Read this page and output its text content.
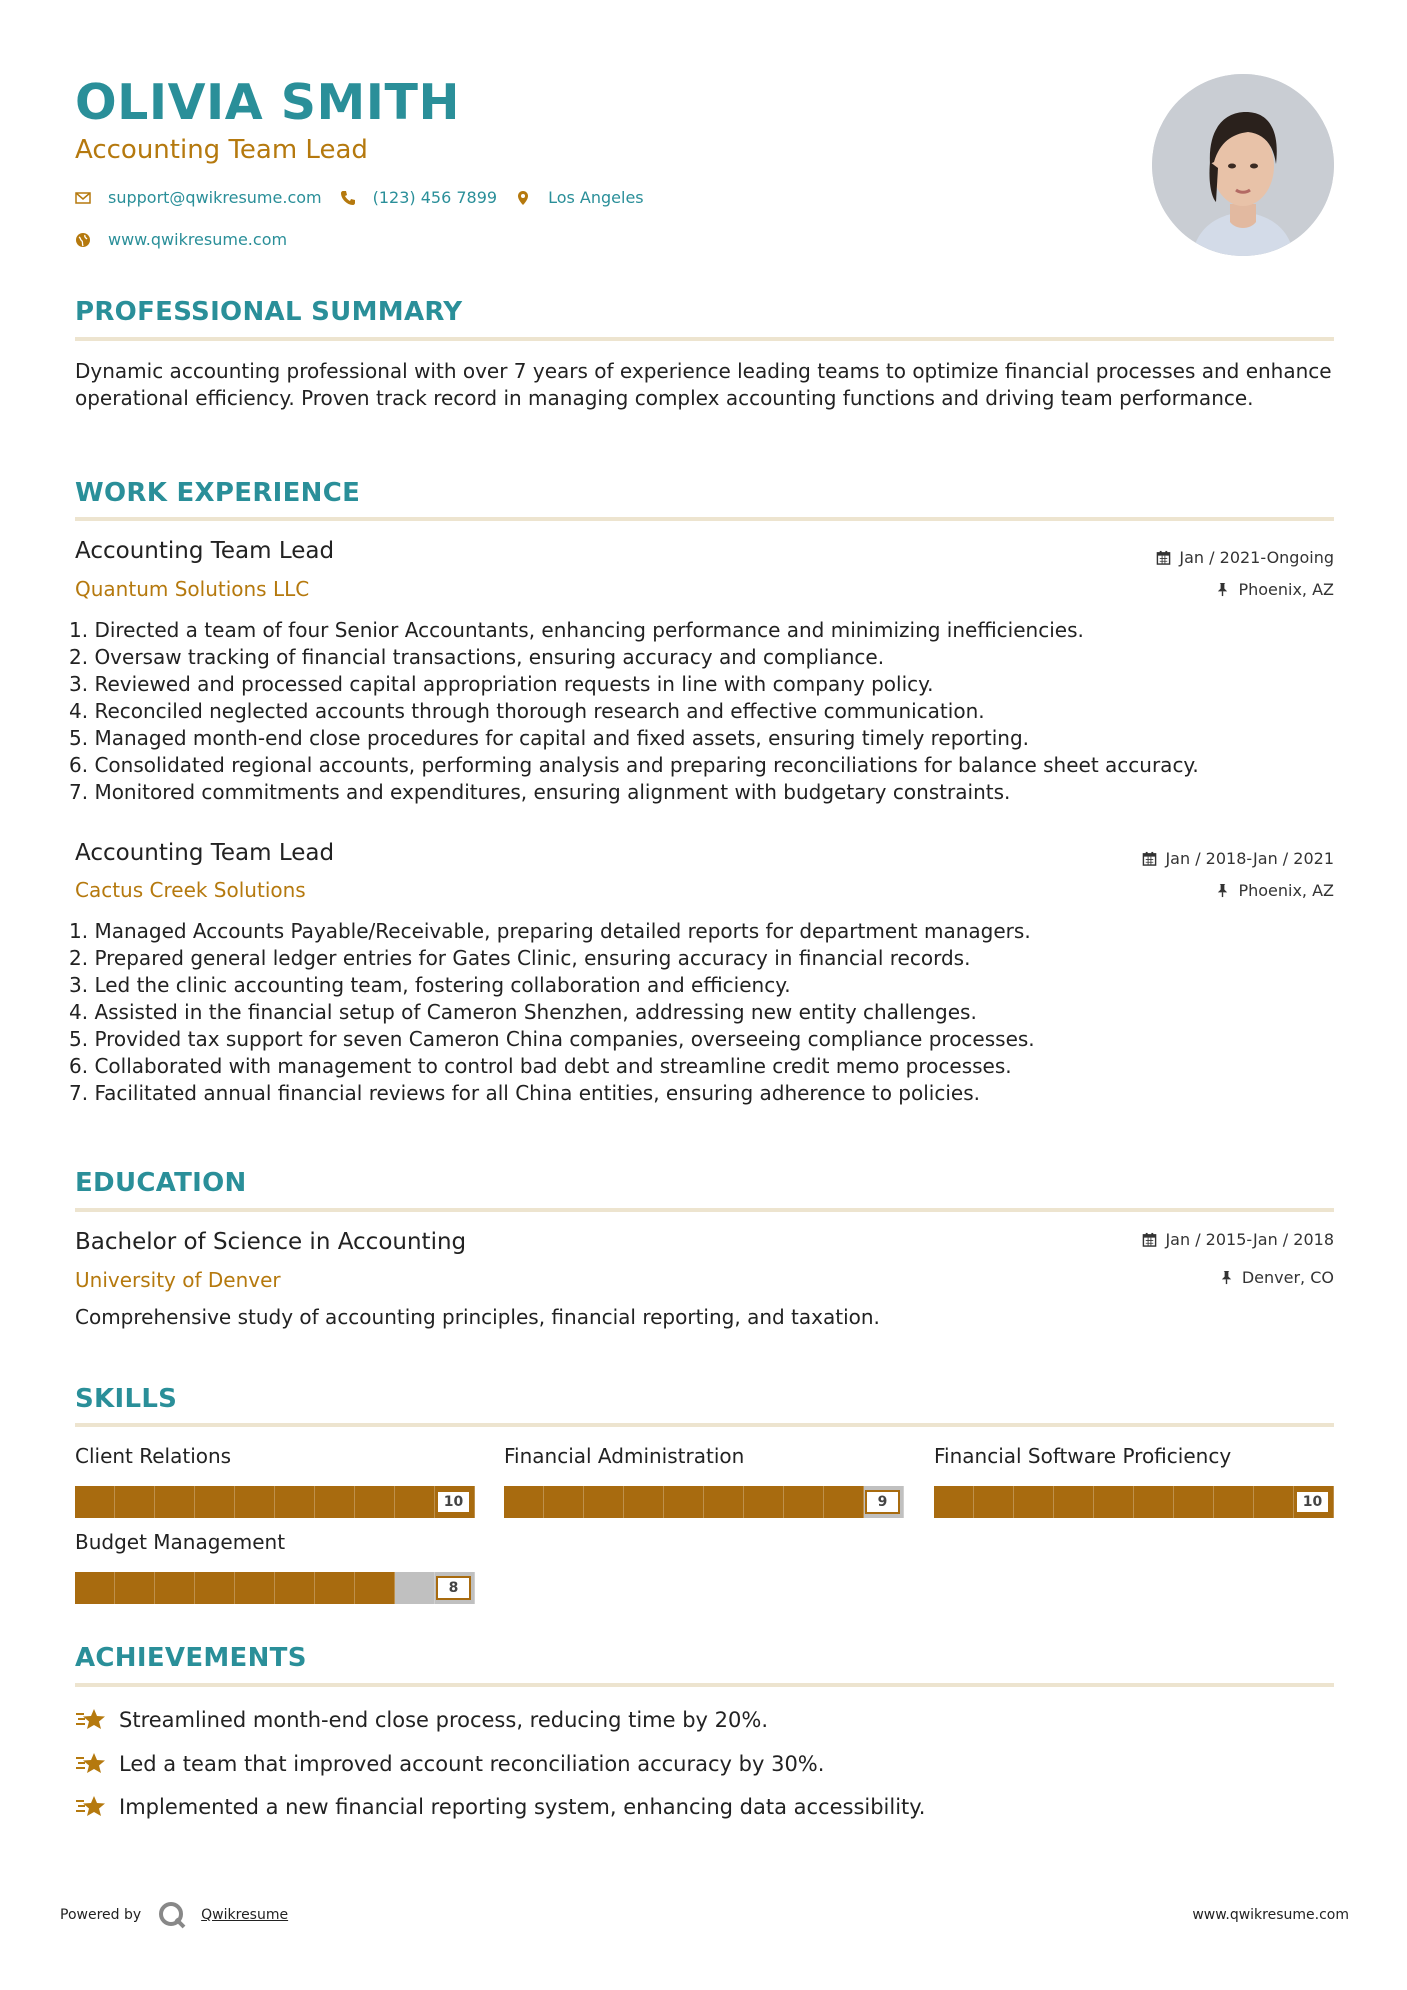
OLIVIA SMITH
Accounting Team Lead
support@qwikresume.com	(123) 456 7899	Los Angeles
www.qwikresume.com
PROFESSIONAL SUMMARY
Dynamic accounting professional with over 7 years of experience leading teams to optimize financial processes and enhance operational efficiency. Proven track record in managing complex accounting functions and driving team performance.
WORK EXPERIENCE
Accounting Team Lead
Quantum Solutions LLC
Jan / 2021-Ongoing
Phoenix, AZ
1. Directed a team of four Senior Accountants, enhancing performance and minimizing inefficiencies.
2. Oversaw tracking of financial transactions, ensuring accuracy and compliance.
3. Reviewed and processed capital appropriation requests in line with company policy.
4. Reconciled neglected accounts through thorough research and effective communication.
5. Managed month-end close procedures for capital and fixed assets, ensuring timely reporting.
6. Consolidated regional accounts, performing analysis and preparing reconciliations for balance sheet accuracy.
7. Monitored commitments and expenditures, ensuring alignment with budgetary constraints.
Accounting Team Lead
Cactus Creek Solutions
Jan / 2018-Jan / 2021
Phoenix, AZ
1. Managed Accounts Payable/Receivable, preparing detailed reports for department managers.
2. Prepared general ledger entries for Gates Clinic, ensuring accuracy in financial records.
3. Led the clinic accounting team, fostering collaboration and efficiency.
4. Assisted in the financial setup of Cameron Shenzhen, addressing new entity challenges.
5. Provided tax support for seven Cameron China companies, overseeing compliance processes.
6. Collaborated with management to control bad debt and streamline credit memo processes.
7. Facilitated annual financial reviews for all China entities, ensuring adherence to policies.
EDUCATION
Bachelor of Science in Accounting
University of Denver
Jan / 2015-Jan / 2018
Denver, CO
Comprehensive study of accounting principles, financial reporting, and taxation.
SKILLS
Client Relations
10
Financial Administration
9
Financial Software Proficiency
10
Budget Management
8
ACHIEVEMENTS
Streamlined month-end close process, reducing time by 20%.
Led a team that improved account reconciliation accuracy by 30%.
Implemented a new financial reporting system, enhancing data accessibility.
Powered by	Qwikresume	www.qwikresume.com
